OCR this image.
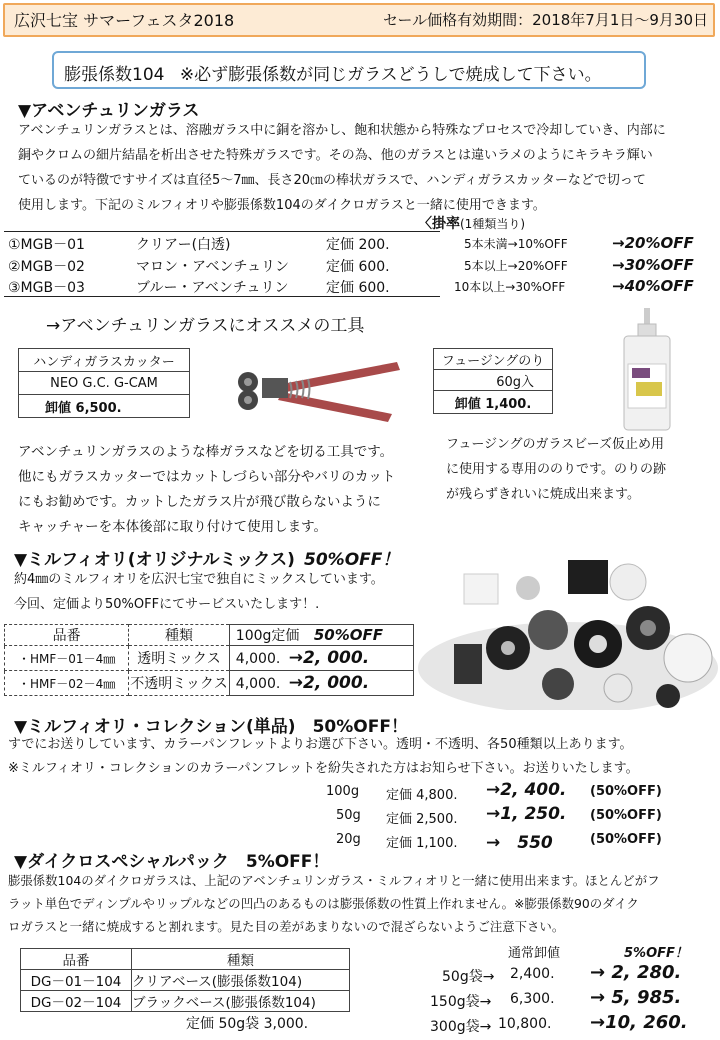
広沢七宝 サマーフェスタ2018	セール価格有効期間：2018年7月1日～9月30日
膨張係数104 ※必ず膨張係数が同じガラスどうしで焼成して下さい。
▼アベンチュリンガラス
アベンチュリンガラスとは、溶融ガラス中に銅を溶かし、飽和状態から特殊なプロセスで冷却していき、内部に
銅やクロムの細片結晶を析出させた特殊ガラスです。その為、他のガラスとは違いラメのようにキラキラ輝い
ているのが特徴ですサイズは直径5～7㎜、長さ20㎝の棒状ガラスで、ハンディガラスカッターなどで切って
使用します。下記のミルフィオリや膨張係数104のダイクロガラスと一緒に使用できます。
〈掛率(1種類当り)
①MGB－01	クリアー(白透)	定価 200.	5本未満→10%OFF	→20%OFF
②MGB－02	マロン・アベンチュリン	定価 600.	5本以上→20%OFF	→30%OFF
③MGB－03	ブルー・アベンチュリン	定価 600.	10本以上→30%OFF	→40%OFF
→アベンチュリンガラスにオススメの工具
ハンディガラスカッター
NEO G.C. G-CAM
卸値 6,500.
フュージングのり
60g入
卸値 1,400.
アベンチュリンガラスのような棒ガラスなどを切る工具です。
他にもガラスカッターではカットしづらい部分やバリのカット
にもお勧めです。カットしたガラス片が飛び散らないように
キャッチャーを本体後部に取り付けて使用します。
フュージングのガラスビーズ仮止め用
に使用する専用ののりです。のりの跡
が残らずきれいに焼成出来ます。
▼ミルフィオリ(オリジナルミックス) 50%OFF！
約4㎜のミルフィオリを広沢七宝で独自にミックスしています。
今回、定価より50%OFFにてサービスいたします！.
品番	種類	100g定価 50%OFF
・HMF－01－4㎜	透明ミックス	4,000. →2, 000.
・HMF－02－4㎜	不透明ミックス	4,000. →2, 000.
▼ミルフィオリ・コレクション(単品)　50%OFF！
すでにお送りしています、カラーパンフレットよりお選び下さい。透明・不透明、各50種類以上あります。
※ミルフィオリ・コレクションのカラーパンフレットを紛失された方はお知らせ下さい。お送りいたします。
100g 定価 4,800. →2, 400. (50%OFF)
50g 定価 2,500. →1, 250. (50%OFF)
20g 定価 1,100. →　550	(50%OFF)
▼ダイクロスペシャルパック　5%OFF！
膨張係数104のダイクロガラスは、上記のアベンチュリンガラス・ミルフィオリと一緒に使用出来ます。ほとんどがフ
ラット単色でディンプルやリップルなどの凹凸のあるものは膨張係数の性質上作れません。※膨張係数90のダイク
ロガラスと一緒に焼成すると割れます。見た目の差があまりないので混ざらないようご注意下さい。
品番	種類
DG－01－104	クリアベース(膨張係数104)
DG－02－104	ブラックベース(膨張係数104)
定価 50g袋 3,000.
通常卸値	5%OFF！
50g袋→ 2,400. → 2, 280.
150g袋→ 6,300. → 5, 985.
300g袋→ 10,800. →10, 260.
